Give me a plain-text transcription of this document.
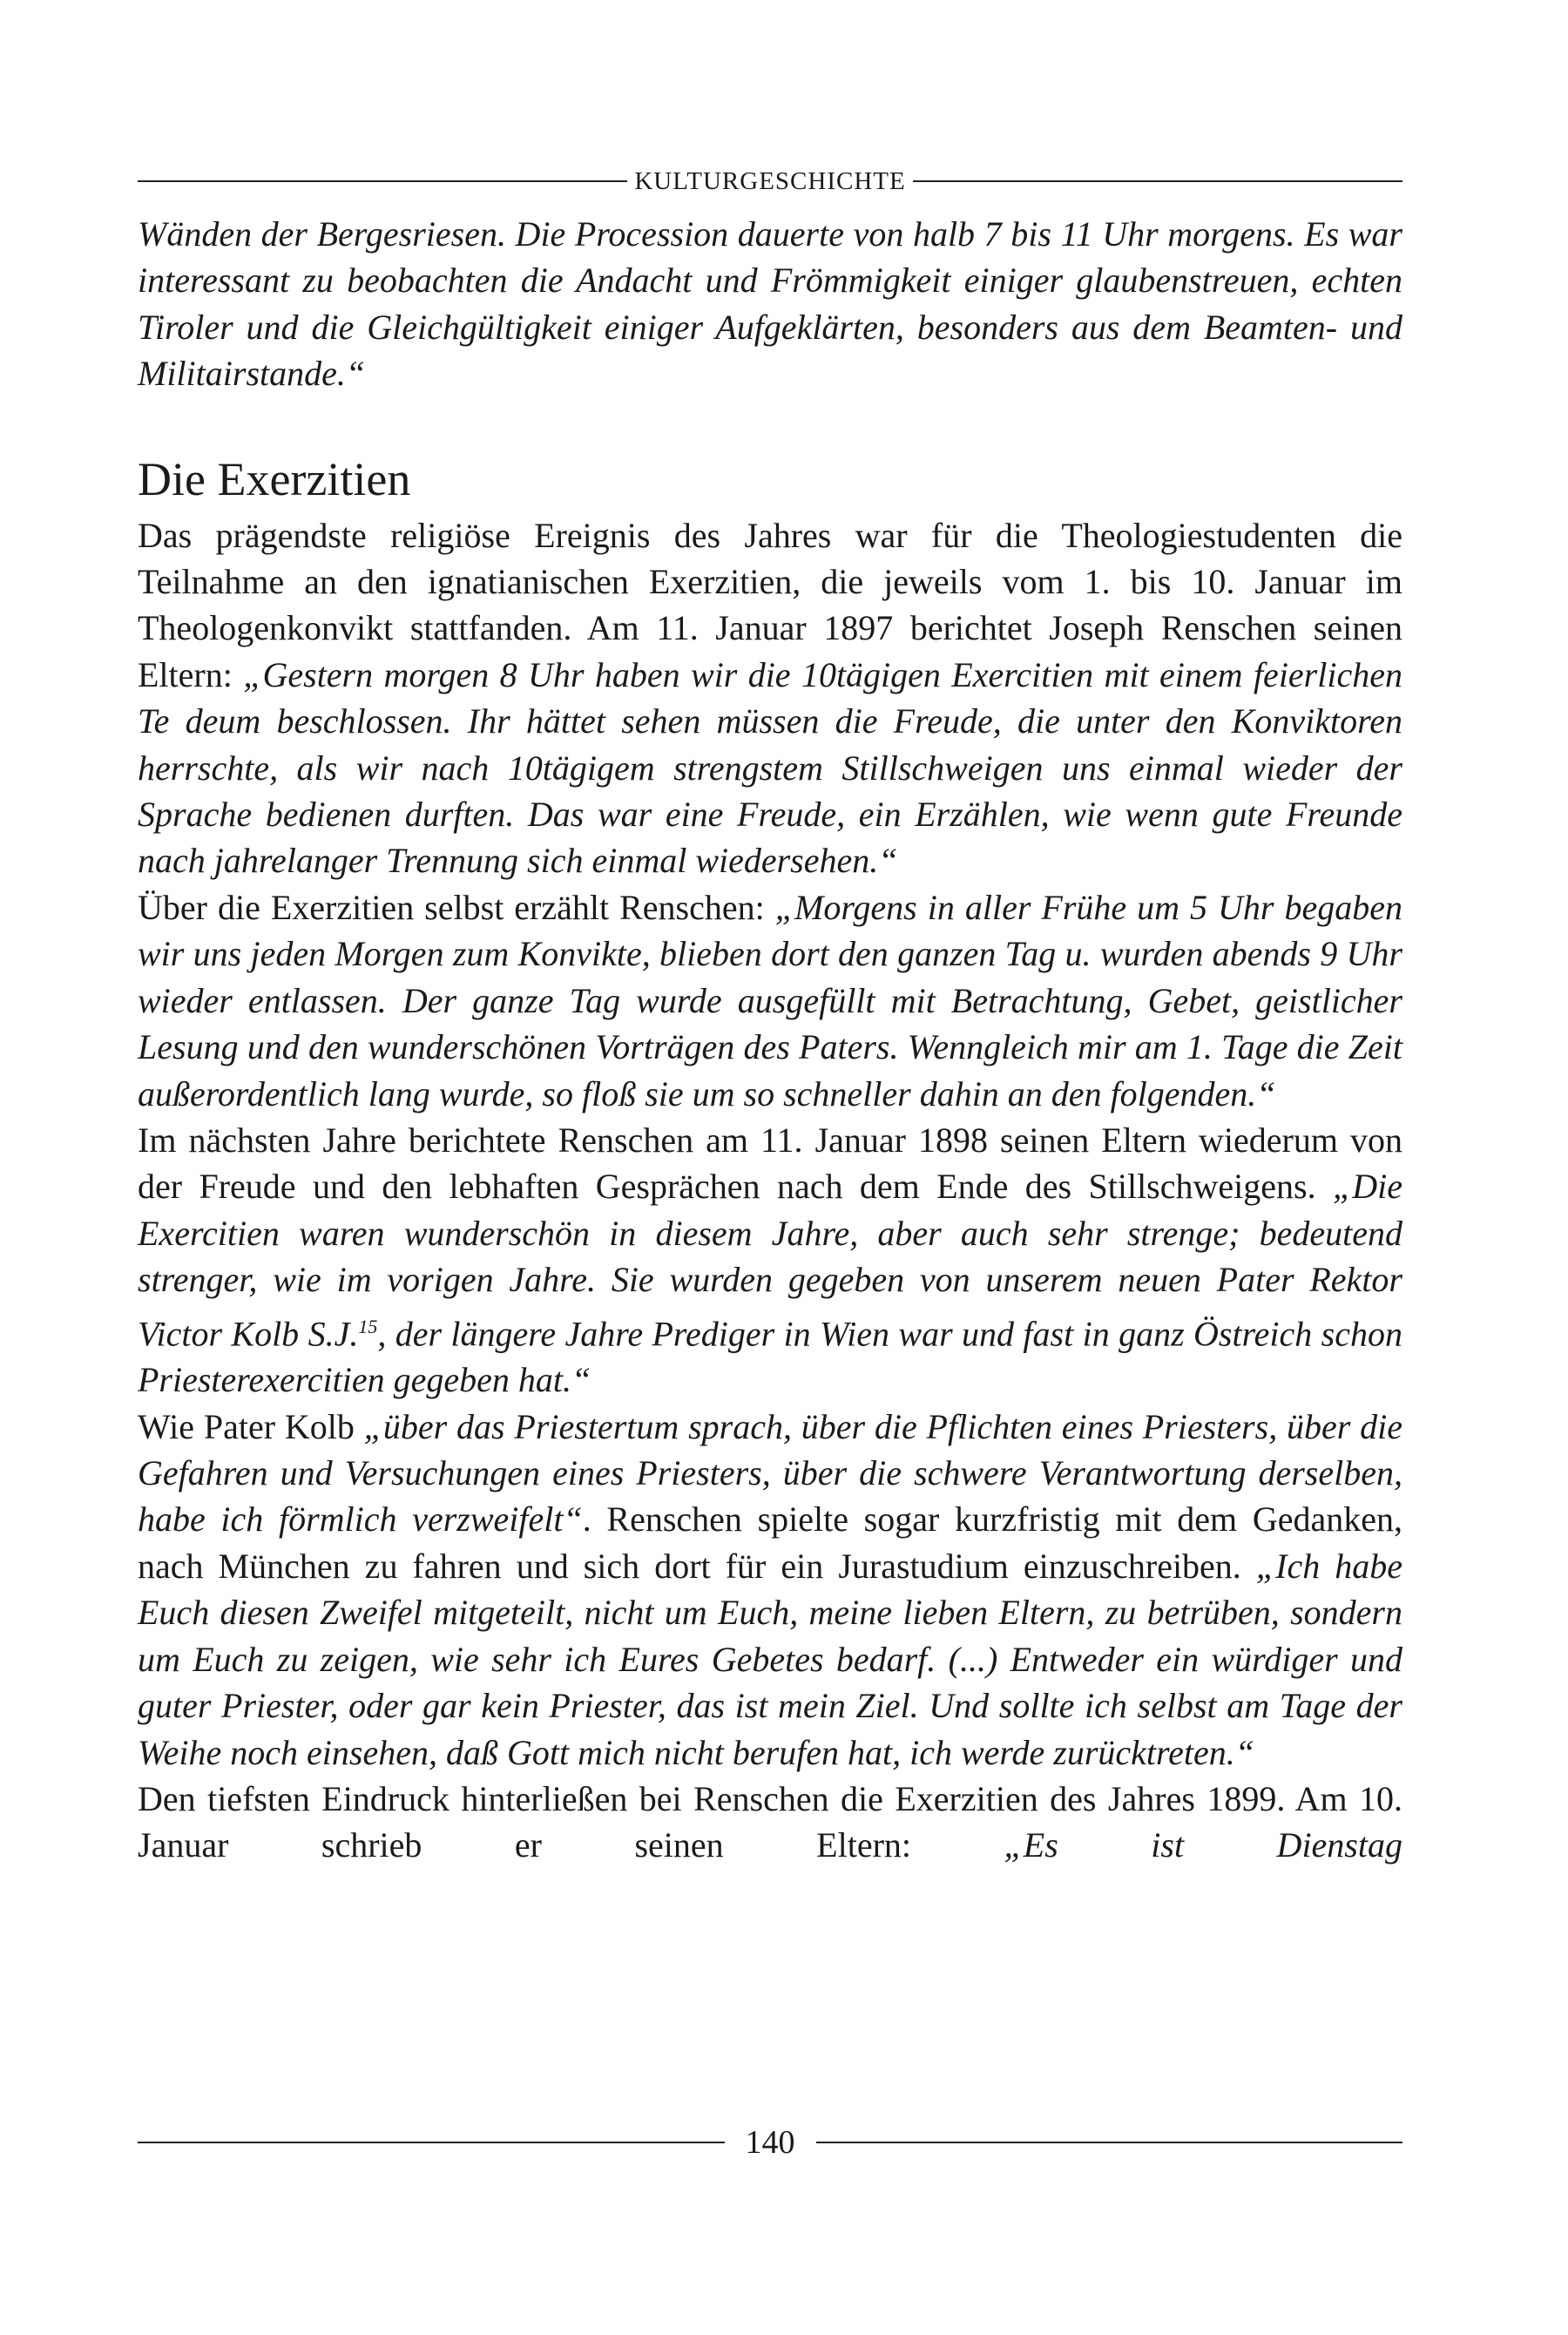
KULTURGESCHICHTE

Wänden der Bergesriesen. Die Procession dauerte von halb 7 bis 11 Uhr morgens. Es war interessant zu beobachten die Andacht und Frömmigkeit einiger glaubenstreuen, echten Tiroler und die Gleichgültigkeit einiger Aufgeklärten, besonders aus dem Beamten- und Militairstande.“

Die Exerzitien

Das prägendste religiöse Ereignis des Jahres war für die Theologiestudenten die Teilnahme an den ignatianischen Exerzitien, die jeweils vom 1. bis 10. Januar im Theologenkonvikt stattfanden. Am 11. Januar 1897 berichtet Joseph Renschen seinen Eltern: „Gestern morgen 8 Uhr haben wir die 10tägigen Exercitien mit einem feierlichen Te deum beschlossen. Ihr hättet sehen müssen die Freude, die unter den Konviktoren herrschte, als wir nach 10tägigem strengstem Stillschweigen uns einmal wieder der Sprache bedienen durften. Das war eine Freude, ein Erzählen, wie wenn gute Freunde nach jahrelanger Trennung sich einmal wiedersehen.“

Über die Exerzitien selbst erzählt Renschen: „Morgens in aller Frühe um 5 Uhr begaben wir uns jeden Morgen zum Konvikte, blieben dort den ganzen Tag u. wurden abends 9 Uhr wieder entlassen. Der ganze Tag wurde ausgefüllt mit Betrachtung, Gebet, geistlicher Lesung und den wunderschönen Vorträgen des Paters. Wenngleich mir am 1. Tage die Zeit außerordentlich lang wurde, so floß sie um so schneller dahin an den folgenden.“

Im nächsten Jahre berichtete Renschen am 11. Januar 1898 seinen Eltern wiederum von der Freude und den lebhaften Gesprächen nach dem Ende des Stillschweigens. „Die Exercitien waren wunderschön in diesem Jahre, aber auch sehr strenge; bedeutend strenger, wie im vorigen Jahre. Sie wurden gegeben von unserem neuen Pater Rektor Victor Kolb S.J.$^{15}$, der längere Jahre Prediger in Wien war und fast in ganz Östreich schon Priesterexercitien gegeben hat.“

Wie Pater Kolb „über das Priestertum sprach, über die Pflichten eines Priesters, über die Gefahren und Versuchungen eines Priesters, über die schwere Verantwortung derselben, habe ich förmlich verzweifelt“. Renschen spielte sogar kurzfristig mit dem Gedanken, nach München zu fahren und sich dort für ein Jurastudium einzuschreiben. „Ich habe Euch diesen Zweifel mitgeteilt, nicht um Euch, meine lieben Eltern, zu betrüben, sondern um Euch zu zeigen, wie sehr ich Eures Gebetes bedarf. (...) Entweder ein würdiger und guter Priester, oder gar kein Priester, das ist mein Ziel. Und sollte ich selbst am Tage der Weihe noch einsehen, daß Gott mich nicht berufen hat, ich werde zurücktreten.“

Den tiefsten Eindruck hinterließen bei Renschen die Exerzitien des Jahres 1899. Am 10. Januar schrieb er seinen Eltern: „Es ist Dienstag

140
